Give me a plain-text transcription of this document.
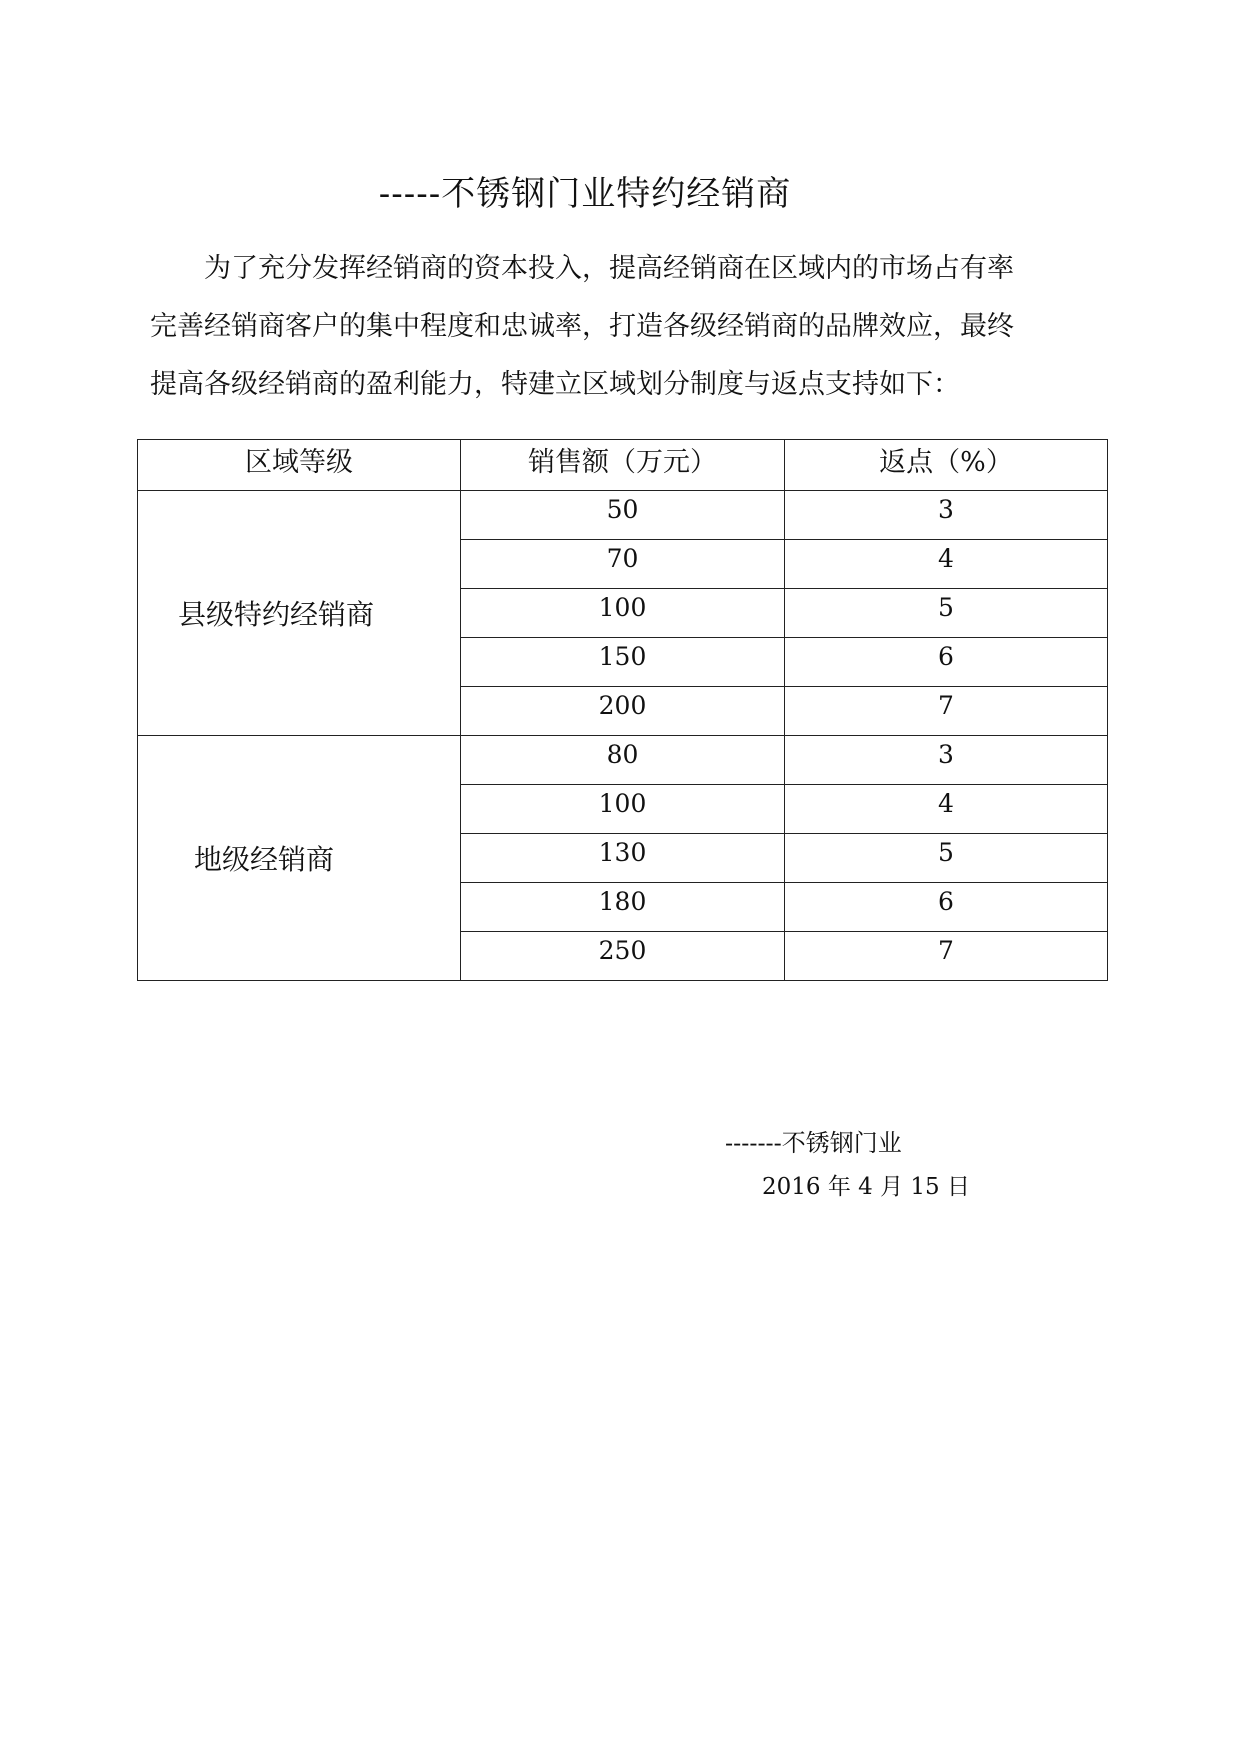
-----不锈钢门业特约经销商
为了充分发挥经销商的资本投入，提高经销商在区域内的市场占有率
完善经销商客户的集中程度和忠诚率，打造各级经销商的品牌效应，最终
提高各级经销商的盈利能力，特建立区域划分制度与返点支持如下：
区域等级	销售额（万元）	返点（%）
县级特约经销商	50	3
	70	4
	100	5
	150	6
	200	7
地级经销商	80	3
	100	4
	130	5
	180	6
	250	7
-------不锈钢门业
2016 年 4 月 15 日
